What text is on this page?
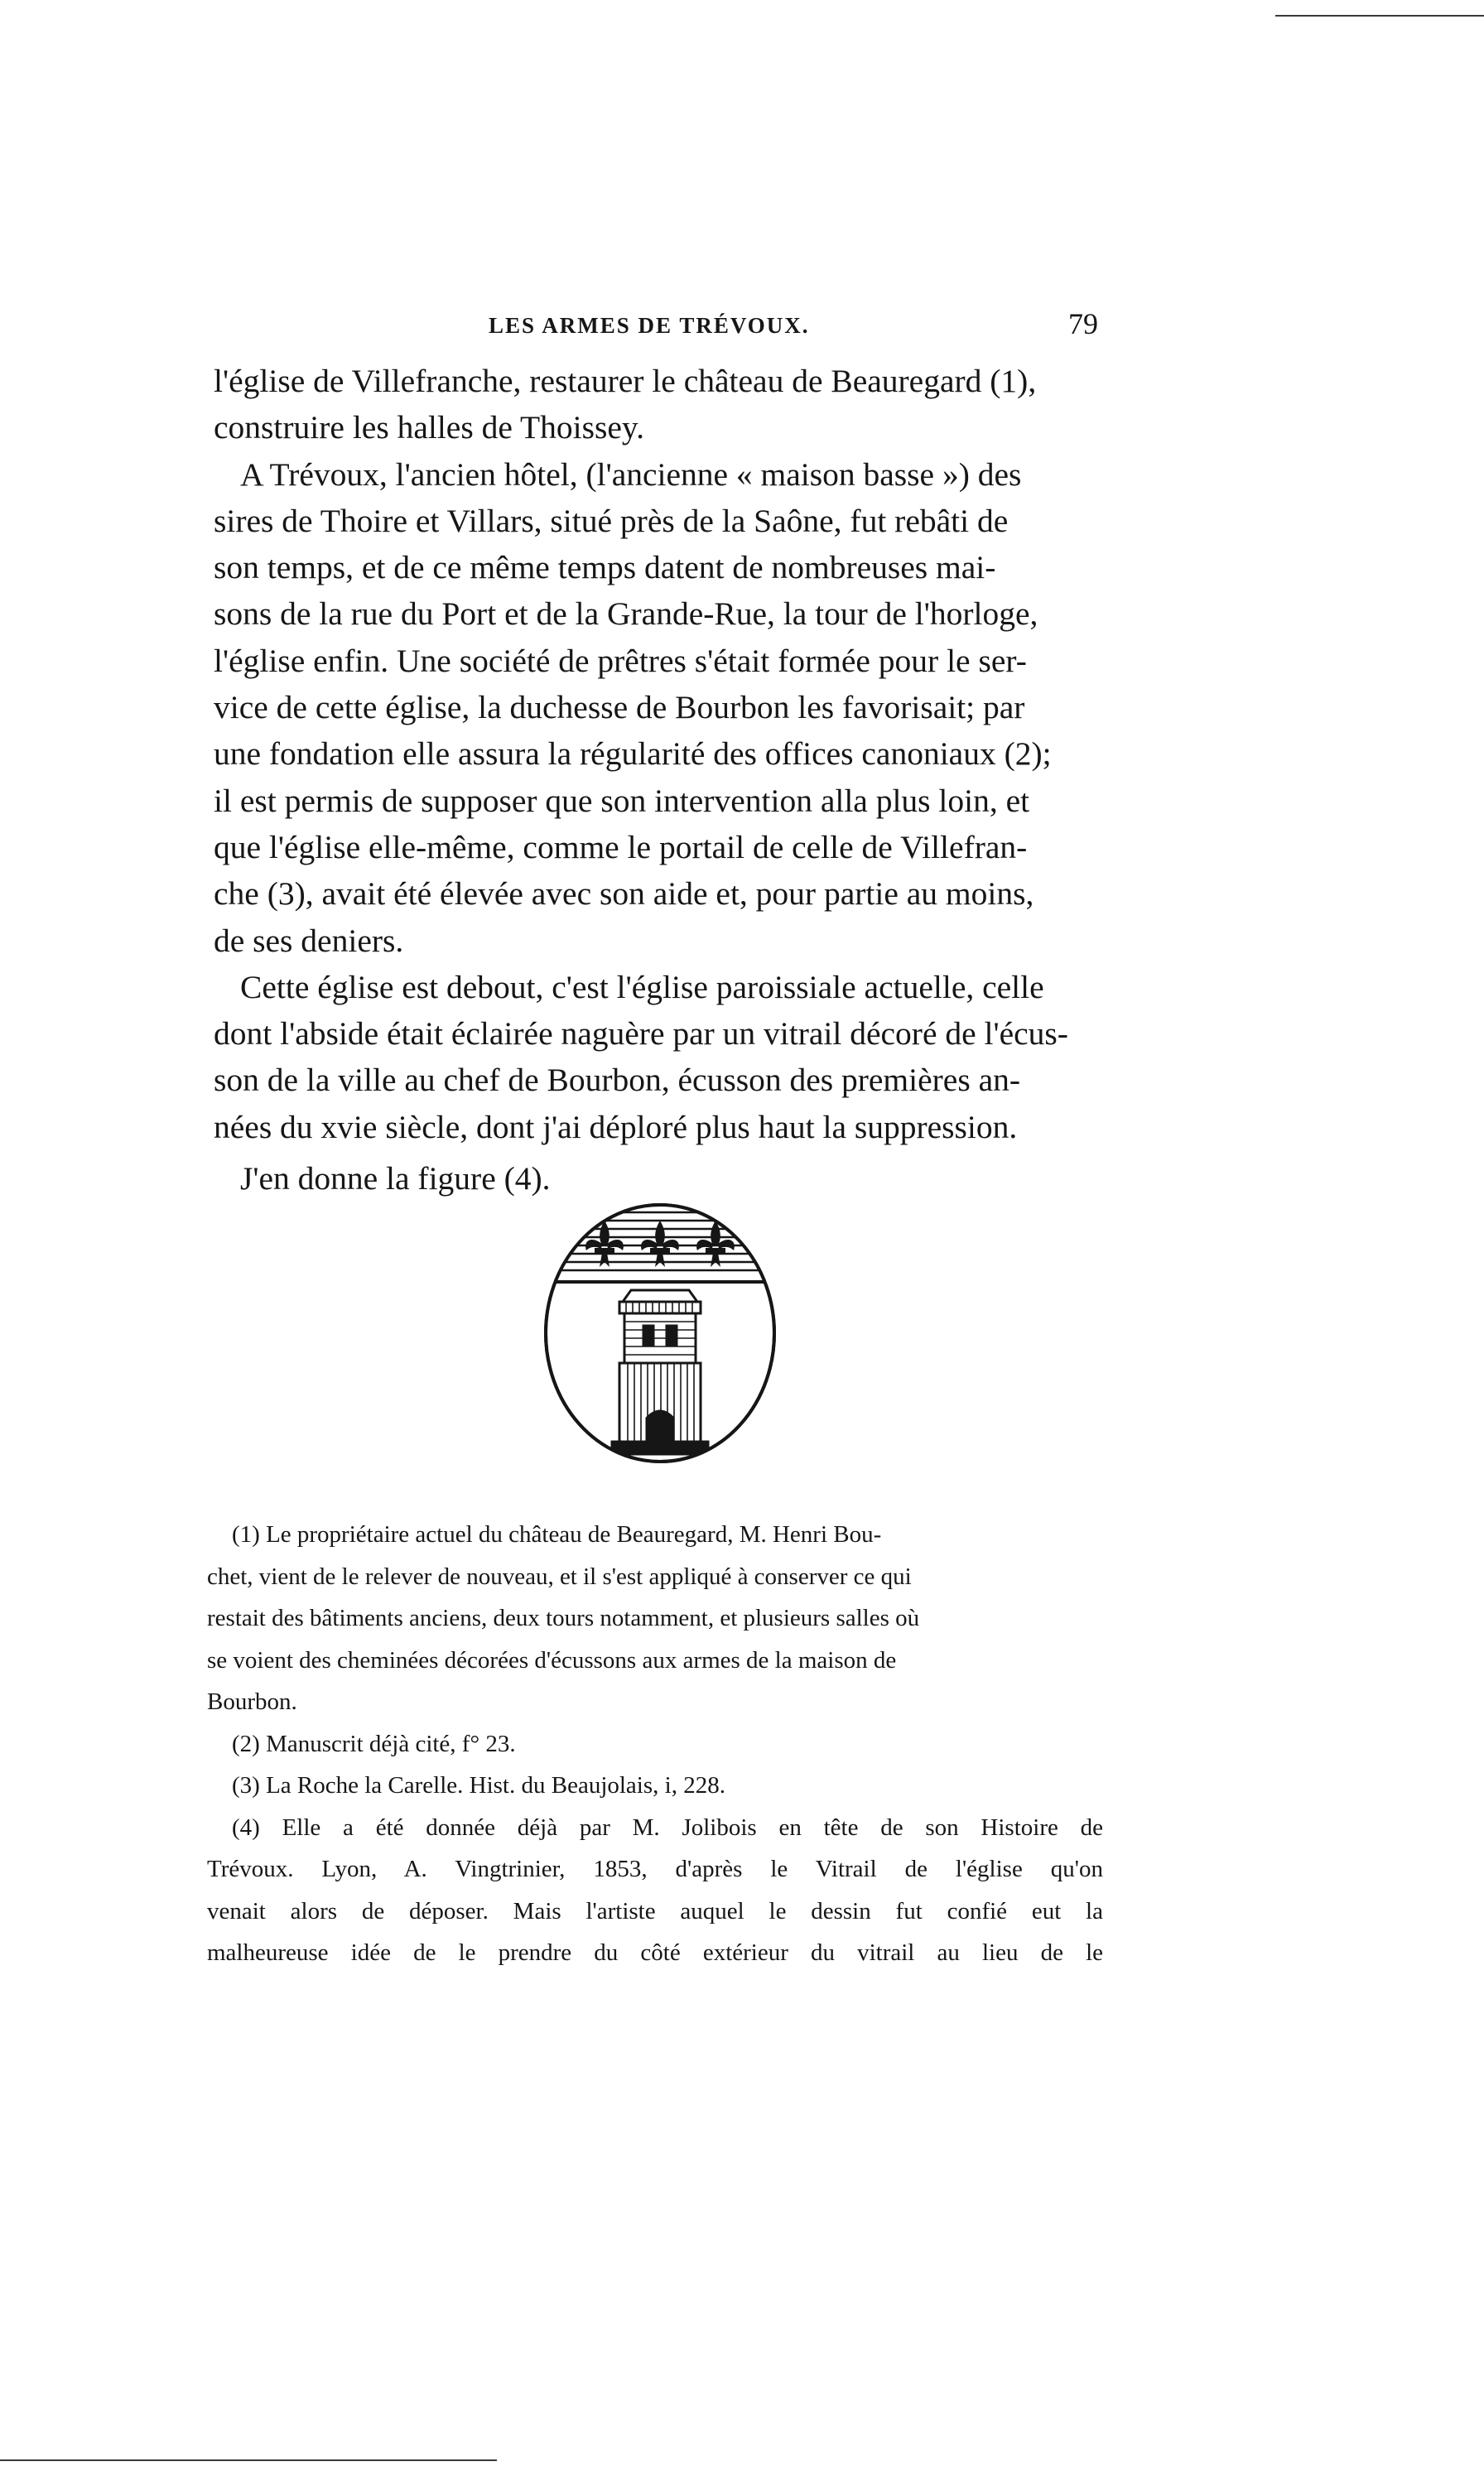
LES ARMES DE TRÉVOUX.	79

l'église de Villefranche, restaurer le château de Beauregard (1),
construire les halles de Thoissey.

A Trévoux, l'ancien hôtel, (l'ancienne « maison basse ») des
sires de Thoire et Villars, situé près de la Saône, fut rebâti de
son temps, et de ce même temps datent de nombreuses mai-
sons de la rue du Port et de la Grande-Rue, la tour de l'horloge,
l'église enfin. Une société de prêtres s'était formée pour le ser-
vice de cette église, la duchesse de Bourbon les favorisait; par
une fondation elle assura la régularité des offices canoniaux (2);
il est permis de supposer que son intervention alla plus loin, et
que l'église elle-même, comme le portail de celle de Villefran-
che (3), avait été élevée avec son aide et, pour partie au moins,
de ses deniers.

Cette église est debout, c'est l'église paroissiale actuelle, celle
dont l'abside était éclairée naguère par un vitrail décoré de l'écus-
son de la ville au chef de Bourbon, écusson des premières an-
nées du xvie siècle, dont j'ai déploré plus haut la suppression.

J'en donne la figure (4).

(1) Le propriétaire actuel du château de Beauregard, M. Henri Bou-
chet, vient de le relever de nouveau, et il s'est appliqué à conserver ce qui
restait des bâtiments anciens, deux tours notamment, et plusieurs salles où
se voient des cheminées décorées d'écussons aux armes de la maison de
Bourbon.

(2) Manuscrit déjà cité, f° 23.

(3) La Roche la Carelle. Hist. du Beaujolais, i, 228.

(4) Elle a été donnée déjà par M. Jolibois en tête de son Histoire de
Trévoux. Lyon, A. Vingtrinier, 1853, d'après le Vitrail de l'église qu'on
venait alors de déposer. Mais l'artiste auquel le dessin fut confié eut la
malheureuse idée de le prendre du côté extérieur du vitrail au lieu de le
